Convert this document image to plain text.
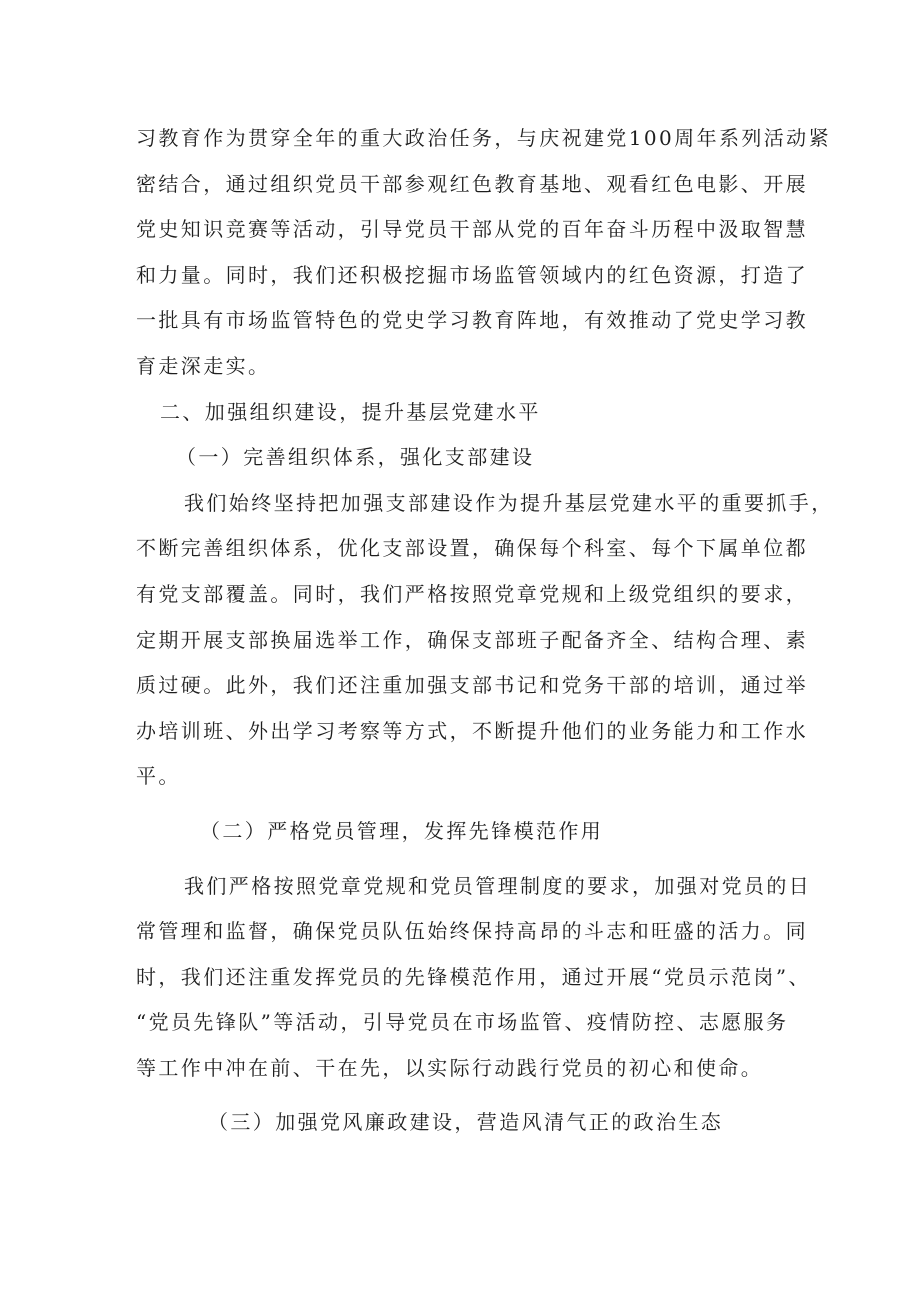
习教育作为贯穿全年的重大政治任务，与庆祝建党100周年系列活动紧
密结合，通过组织党员干部参观红色教育基地、观看红色电影、开展
党史知识竞赛等活动，引导党员干部从党的百年奋斗历程中汲取智慧
和力量。同时，我们还积极挖掘市场监管领域内的红色资源，打造了
一批具有市场监管特色的党史学习教育阵地，有效推动了党史学习教
育走深走实。
二、加强组织建设，提升基层党建水平
（一）完善组织体系，强化支部建设
我们始终坚持把加强支部建设作为提升基层党建水平的重要抓手，
不断完善组织体系，优化支部设置，确保每个科室、每个下属单位都
有党支部覆盖。同时，我们严格按照党章党规和上级党组织的要求，
定期开展支部换届选举工作，确保支部班子配备齐全、结构合理、素
质过硬。此外，我们还注重加强支部书记和党务干部的培训，通过举
办培训班、外出学习考察等方式，不断提升他们的业务能力和工作水
平。
（二）严格党员管理，发挥先锋模范作用
我们严格按照党章党规和党员管理制度的要求，加强对党员的日
常管理和监督，确保党员队伍始终保持高昂的斗志和旺盛的活力。同
时，我们还注重发挥党员的先锋模范作用，通过开展“党员示范岗”、
“党员先锋队”等活动，引导党员在市场监管、疫情防控、志愿服务
等工作中冲在前、干在先，以实际行动践行党员的初心和使命。
（三）加强党风廉政建设，营造风清气正的政治生态
